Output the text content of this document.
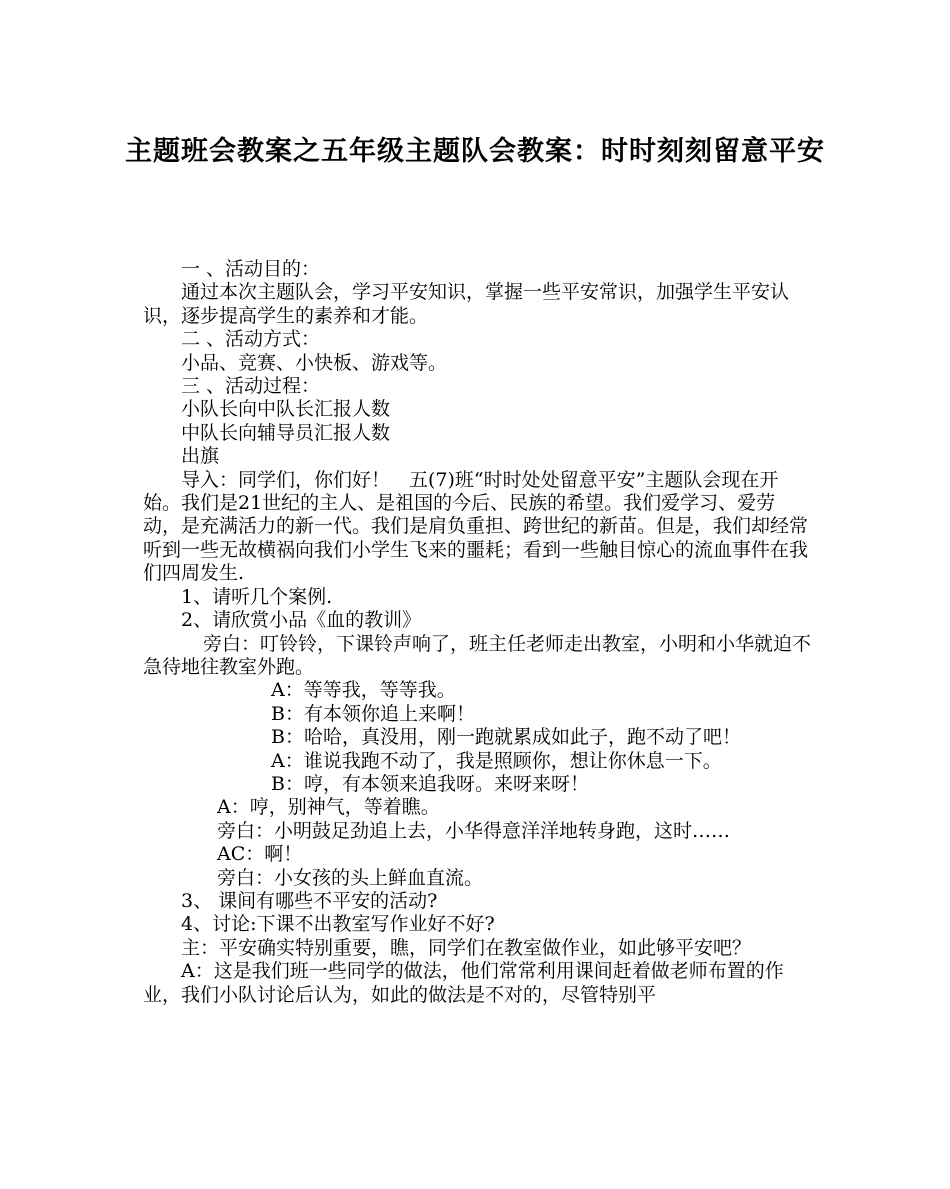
主题班会教案之五年级主题队会教案：时时刻刻留意平安

一 、活动目的：

通过本次主题队会，学习平安知识，掌握一些平安常识，加强学生平安认识，逐步提高学生的素养和才能。

二 、活动方式：

小品、竞赛、小快板、游戏等。

三 、活动过程：

小队长向中队长汇报人数

中队长向辅导员汇报人数

出旗

导入：同学们，你们好！　五(7)班“时时处处留意平安”主题队会现在开始。我们是21世纪的主人、是祖国的今后、民族的希望。我们爱学习、爱劳动，是充满活力的新一代。我们是肩负重担、跨世纪的新苗。但是，我们却经常听到一些无故横祸向我们小学生飞来的噩耗；看到一些触目惊心的流血事件在我们四周发生.

1、请听几个案例.

2、请欣赏小品《血的教训》

旁白：叮铃铃，下课铃声响了，班主任老师走出教室，小明和小华就迫不急待地往教室外跑。

A：等等我，等等我。

B：有本领你追上来啊！

B：哈哈，真没用，刚一跑就累成如此子，跑不动了吧！

A：谁说我跑不动了，我是照顾你，想让你休息一下。

B：哼，有本领来追我呀。来呀来呀！

A：哼，别神气，等着瞧。

旁白：小明鼓足劲追上去，小华得意洋洋地转身跑，这时……

AC：啊！

旁白：小女孩的头上鲜血直流。

3、 课间有哪些不平安的活动?

4、讨论:下课不出教室写作业好不好?

主：平安确实特别重要，瞧，同学们在教室做作业，如此够平安吧？

A：这是我们班一些同学的做法，他们常常利用课间赶着做老师布置的作业，我们小队讨论后认为，如此的做法是不对的，尽管特别平
